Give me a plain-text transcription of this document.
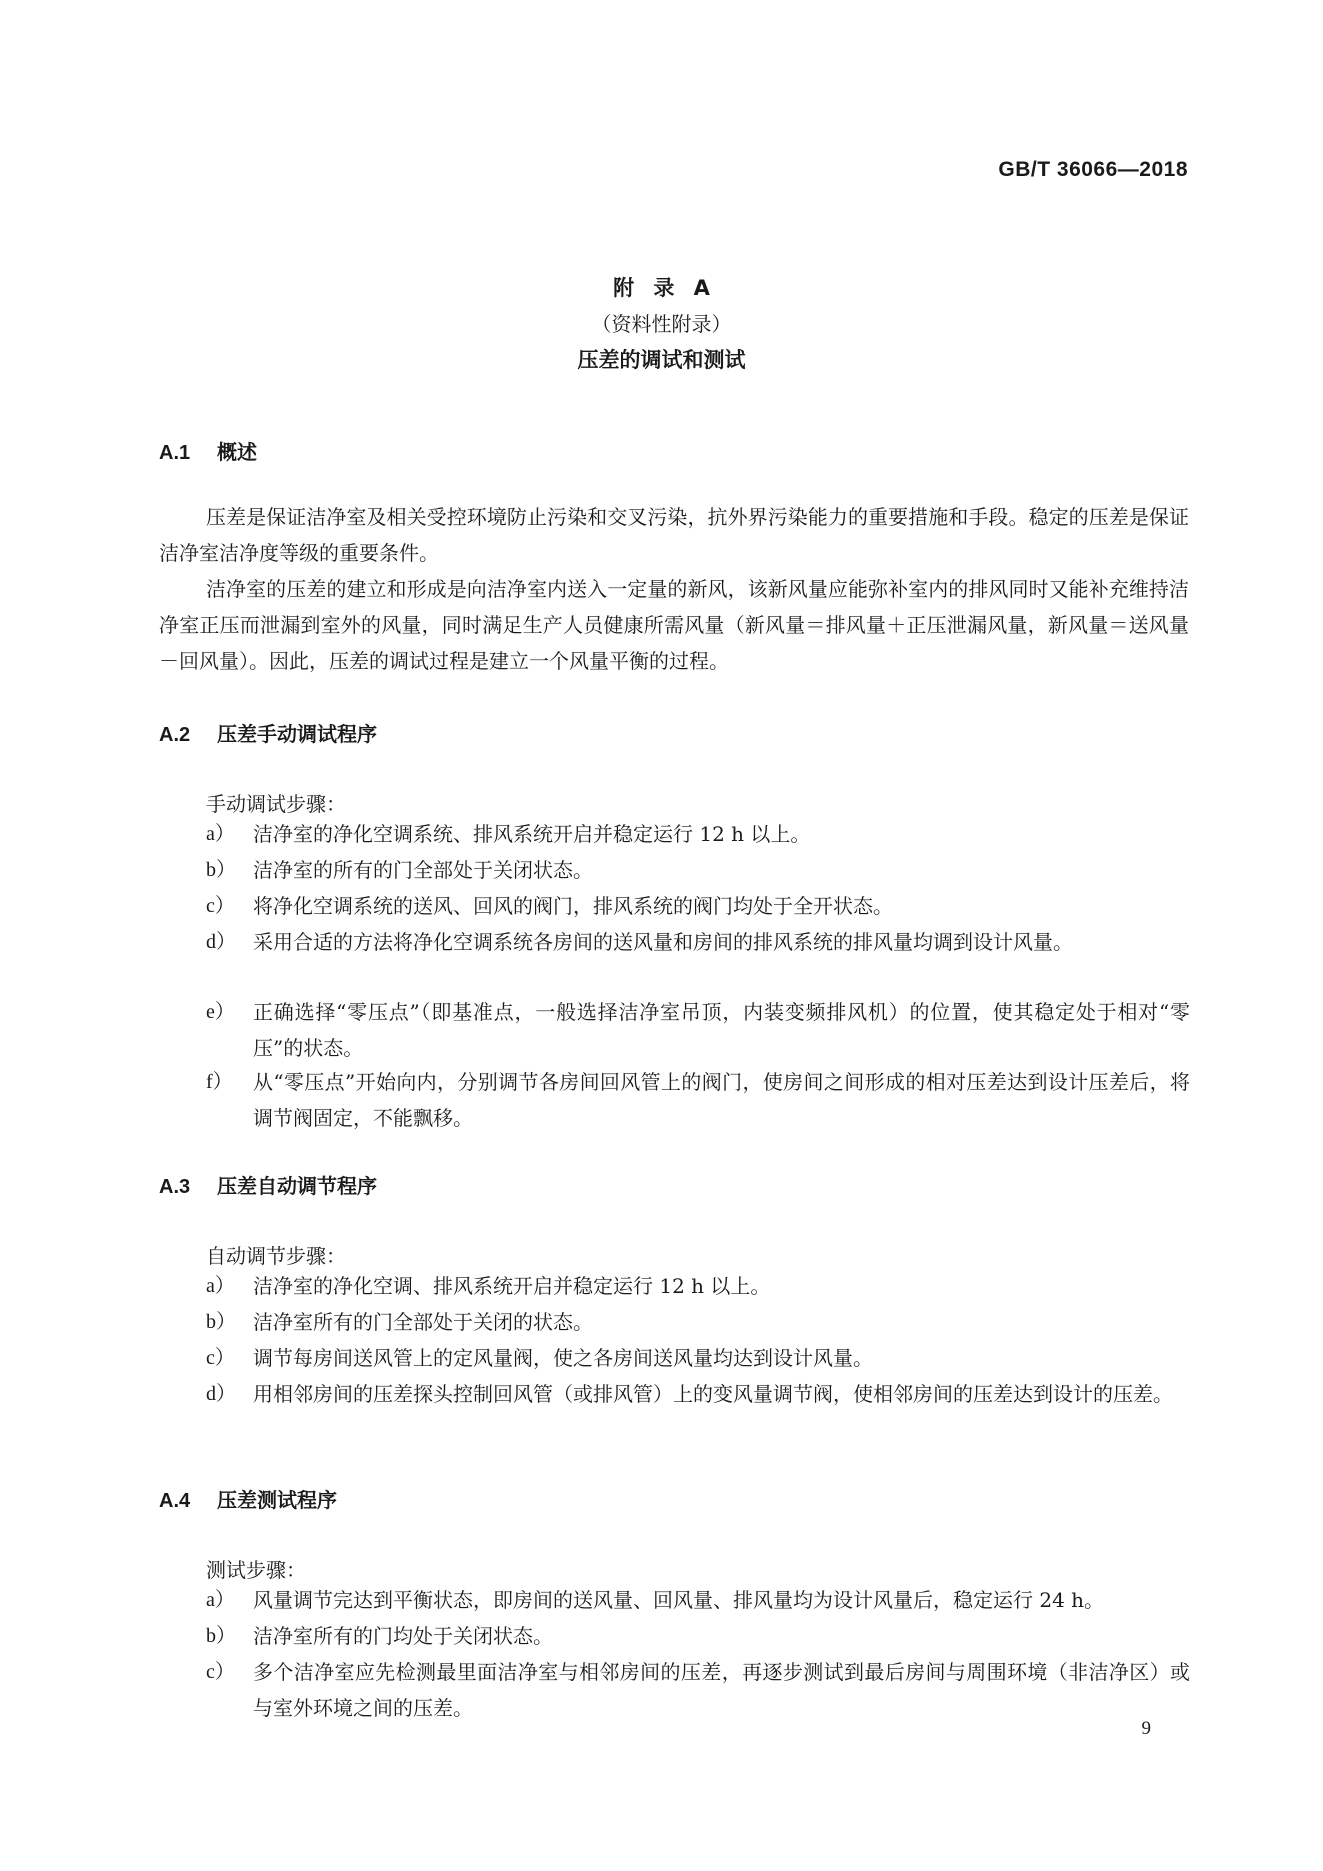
GB/T 36066—2018
附 录 A
（资料性附录）
压差的调试和测试
A.1 概述
压差是保证洁净室及相关受控环境防止污染和交叉污染，抗外界污染能力的重要措施和手段。稳定的压差是保证洁净室洁净度等级的重要条件。
洁净室的压差的建立和形成是向洁净室内送入一定量的新风，该新风量应能弥补室内的排风同时又能补充维持洁净室正压而泄漏到室外的风量，同时满足生产人员健康所需风量（新风量＝排风量＋正压泄漏风量，新风量＝送风量－回风量）。因此，压差的调试过程是建立一个风量平衡的过程。
A.2 压差手动调试程序
手动调试步骤：
a） 洁净室的净化空调系统、排风系统开启并稳定运行 12 h 以上。
b） 洁净室的所有的门全部处于关闭状态。
c） 将净化空调系统的送风、回风的阀门，排风系统的阀门均处于全开状态。
d） 采用合适的方法将净化空调系统各房间的送风量和房间的排风系统的排风量均调到设计风量。
e） 正确选择“零压点”（即基准点，一般选择洁净室吊顶，内装变频排风机）的位置，使其稳定处于相对“零压”的状态。
f）	从“零压点”开始向内，分别调节各房间回风管上的阀门，使房间之间形成的相对压差达到设计压差后，将调节阀固定，不能飘移。
A.3 压差自动调节程序
自动调节步骤：
a） 洁净室的净化空调、排风系统开启并稳定运行 12 h 以上。
b） 洁净室所有的门全部处于关闭的状态。
c） 调节每房间送风管上的定风量阀，使之各房间送风量均达到设计风量。
d） 用相邻房间的压差探头控制回风管（或排风管）上的变风量调节阀，使相邻房间的压差达到设计的压差。
A.4 压差测试程序
测试步骤：
a） 风量调节完达到平衡状态，即房间的送风量、回风量、排风量均为设计风量后，稳定运行 24 h。
b） 洁净室所有的门均处于关闭状态。
c） 多个洁净室应先检测最里面洁净室与相邻房间的压差，再逐步测试到最后房间与周围环境（非洁净区）或与室外环境之间的压差。
9
